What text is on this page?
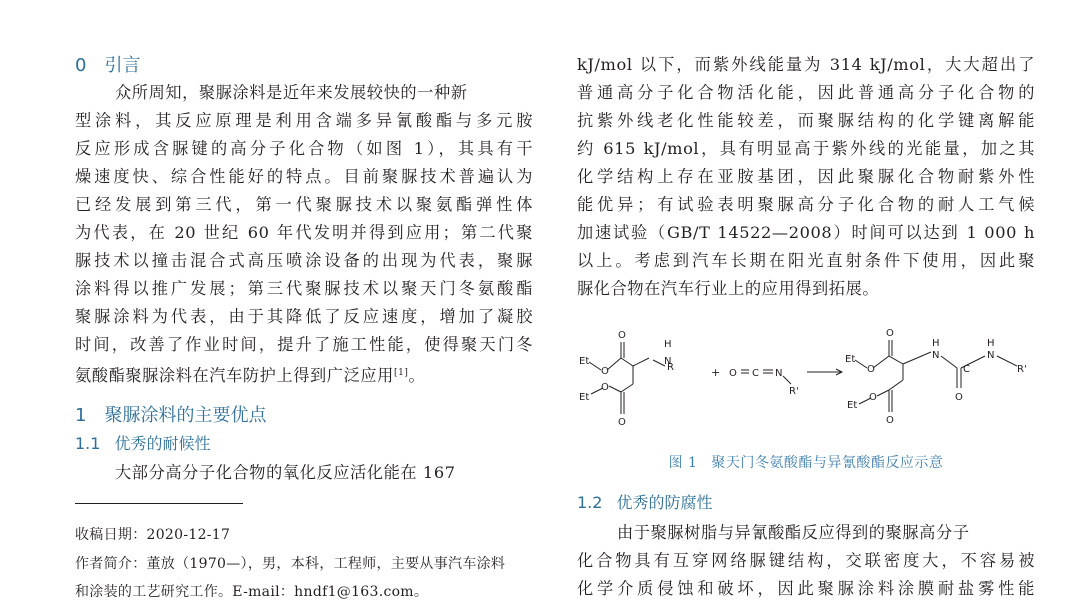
0 引言
众所周知，聚脲涂料是近年来发展较快的一种新
型涂料，其反应原理是利用含端多异氰酸酯与多元胺
反应形成含脲键的高分子化合物（如图 1），其具有干
燥速度快、综合性能好的特点。目前聚脲技术普遍认为
已经发展到第三代，第一代聚脲技术以聚氨酯弹性体
为代表，在 20 世纪 60 年代发明并得到应用；第二代聚
脲技术以撞击混合式高压喷涂设备的出现为代表，聚脲
涂料得以推广发展；第三代聚脲技术以聚天门冬氨酸酯
聚脲涂料为代表，由于其降低了反应速度，增加了凝胶
时间，改善了作业时间，提升了施工性能，使得聚天门冬
氨酸酯聚脲涂料在汽车防护上得到广泛应用[1]。
1 聚脲涂料的主要优点
1.1 优秀的耐候性
大部分高分子化合物的氧化反应活化能在 167
收稿日期：2020-12-17
作者简介：董放（1970—），男，本科，工程师，主要从事汽车涂料
和涂装的工艺研究工作。E-mail：hndf1@163.com。
kJ/mol 以下，而紫外线能量为 314 kJ/mol，大大超出了
普通高分子化合物活化能，因此普通高分子化合物的
抗紫外线老化性能较差，而聚脲结构的化学键离解能
约 615 kJ/mol，具有明显高于紫外线的光能量，加之其
化学结构上存在亚胺基团，因此聚脲化合物耐紫外性
能优异；有试验表明聚脲高分子化合物的耐人工气候
加速试验（GB/T 14522—2008）时间可以达到 1 000 h
以上。考虑到汽车长期在阳光直射条件下使用，因此聚
脲化合物在汽车行业上的应用得到拓展。
Et
O
O
H
N
R
Et
O
O
+ O C N
R'
Et
O
O
H
N
C
O
H
N
R'
Et
O
O
图 1 聚天门冬氨酸酯与异氰酸酯反应示意
1.2 优秀的防腐性
由于聚脲树脂与异氰酸酯反应得到的聚脲高分子
化合物具有互穿网络脲键结构，交联密度大，不容易被
化学介质侵蚀和破坏，因此聚脲涂料涂膜耐盐雾性能
